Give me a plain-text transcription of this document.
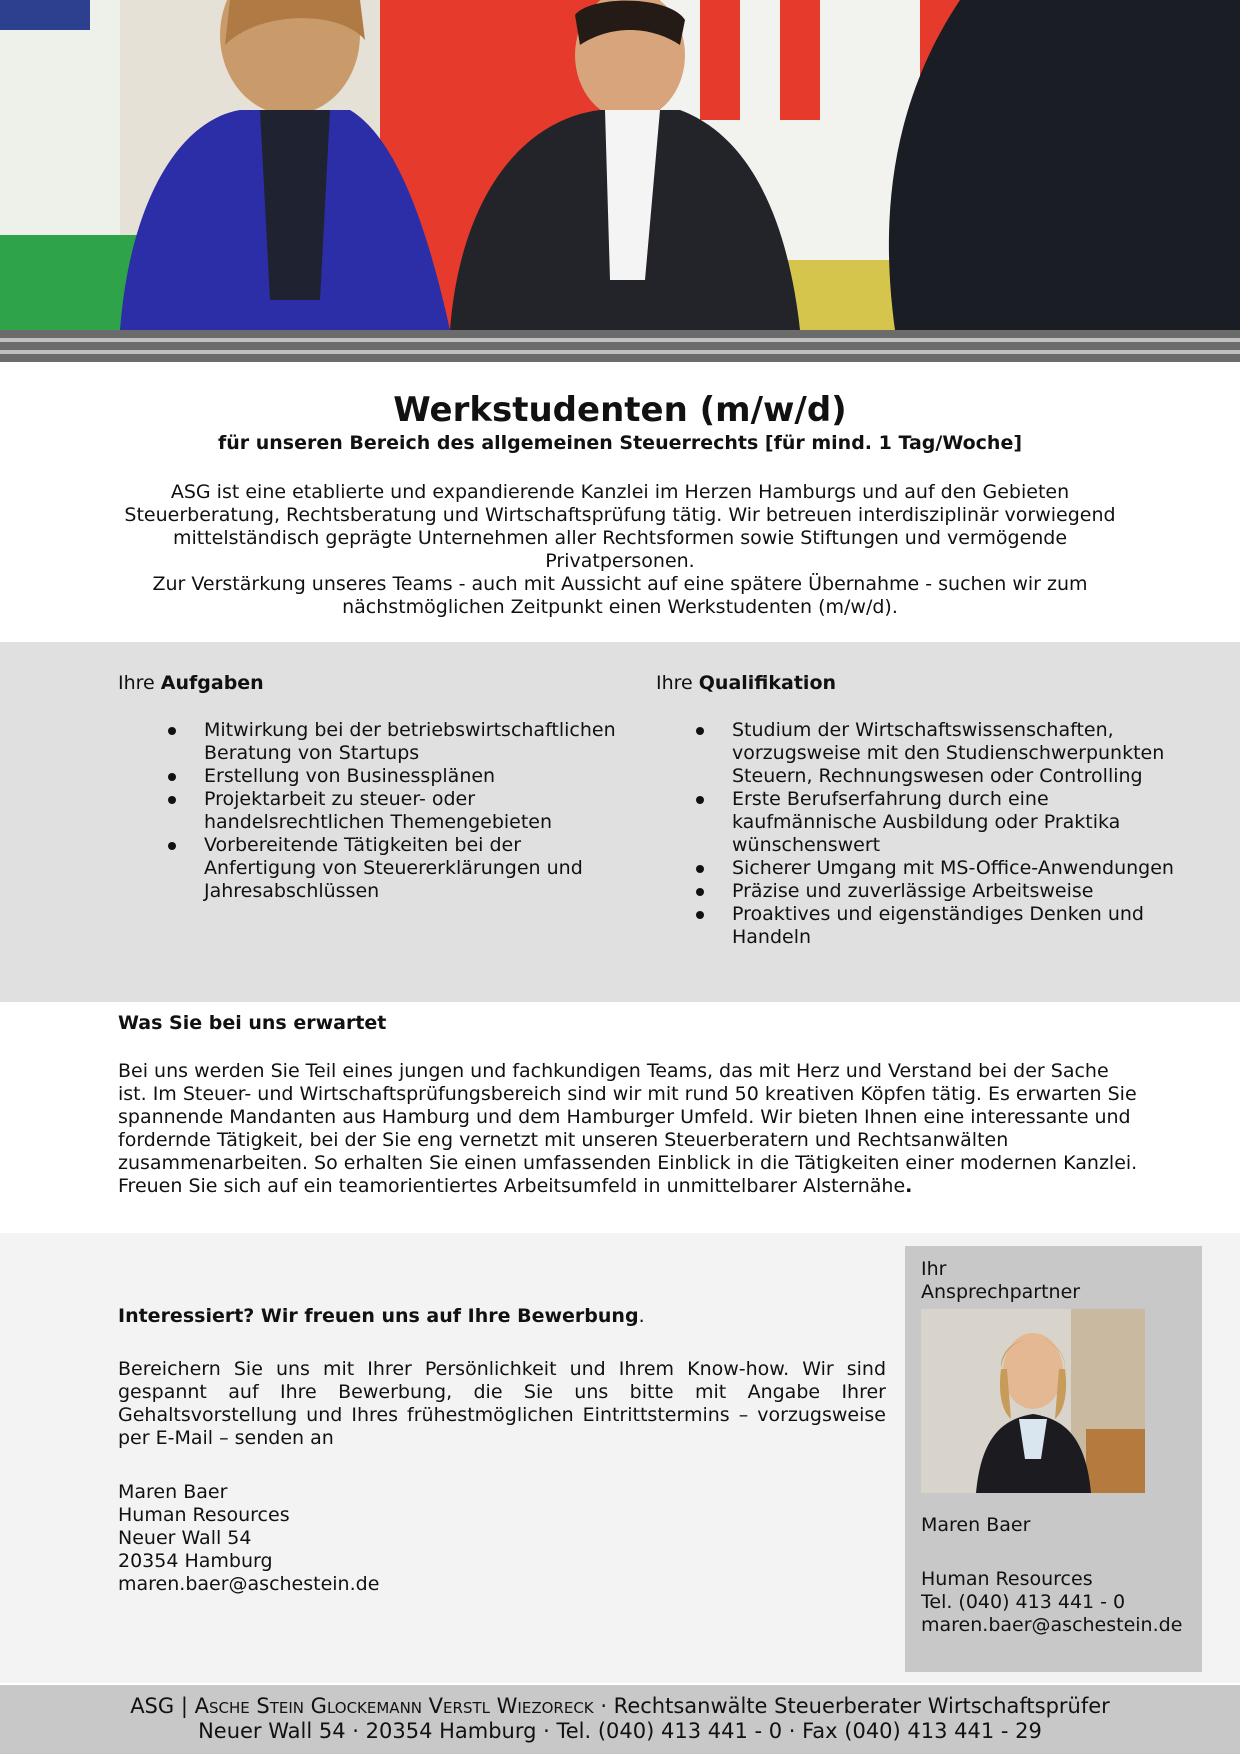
Werkstudenten (m/w/d)
für unseren Bereich des allgemeinen Steuerrechts [für mind. 1 Tag/Woche]

ASG ist eine etablierte und expandierende Kanzlei im Herzen Hamburgs und auf den Gebieten Steuerberatung, Rechtsberatung und Wirtschaftsprüfung tätig. Wir betreuen interdisziplinär vorwiegend mittelständisch geprägte Unternehmen aller Rechtsformen sowie Stiftungen und vermögende Privatpersonen.

Zur Verstärkung unseres Teams - auch mit Aussicht auf eine spätere Übernahme - suchen wir zum nächstmöglichen Zeitpunkt einen Werkstudenten (m/w/d).

Ihre Aufgaben

Mitwirkung bei der betriebswirtschaftlichen Beratung von Startups
Erstellung von Businessplänen
Projektarbeit zu steuer- oder handelsrechtlichen Themengebieten
Vorbereitende Tätigkeiten bei der Anfertigung von Steuererklärungen und Jahresabschlüssen

Ihre Qualifikation

Studium der Wirtschaftswissenschaften, vorzugsweise mit den Studienschwerpunkten Steuern, Rechnungswesen oder Controlling
Erste Berufserfahrung durch eine kaufmännische Ausbildung oder Praktika wünschenswert
Sicherer Umgang mit MS-Office-Anwendungen
Präzise und zuverlässige Arbeitsweise
Proaktives und eigenständiges Denken und Handeln
Was Sie bei uns erwartet

Bei uns werden Sie Teil eines jungen und fachkundigen Teams, das mit Herz und Verstand bei der Sache ist. Im Steuer- und Wirtschaftsprüfungsbereich sind wir mit rund 50 kreativen Köpfen tätig. Es erwarten Sie spannende Mandanten aus Hamburg und dem Hamburger Umfeld. Wir bieten Ihnen eine interessante und fordernde Tätigkeit, bei der Sie eng vernetzt mit unseren Steuerberatern und Rechtsanwälten zusammenarbeiten. So erhalten Sie einen umfassenden Einblick in die Tätigkeiten einer modernen Kanzlei. Freuen Sie sich auf ein teamorientiertes Arbeitsumfeld in unmittelbarer Alsternähe.

Interessiert? Wir freuen uns auf Ihre Bewerbung.

Bereichern Sie uns mit Ihrer Persönlichkeit und Ihrem Know-how. Wir sind gespannt auf Ihre Bewerbung, die Sie uns bitte mit Angabe Ihrer Gehaltsvorstellung und Ihres frühestmöglichen Eintrittstermins – vorzugsweise per E-Mail – senden an

Maren Baer
Human Resources
Neuer Wall 54
20354 Hamburg
maren.baer@aschestein.de
Ihr
Ansprechpartner
Maren Baer
Human Resources
Tel. (040) 413 441 - 0
maren.baer@aschestein.de
ASG | Asche Stein Glockemann Verstl Wiezoreck · Rechtsanwälte Steuerberater Wirtschaftsprüfer
Neuer Wall 54 · 20354 Hamburg · Tel. (040) 413 441 - 0 · Fax (040) 413 441 - 29
